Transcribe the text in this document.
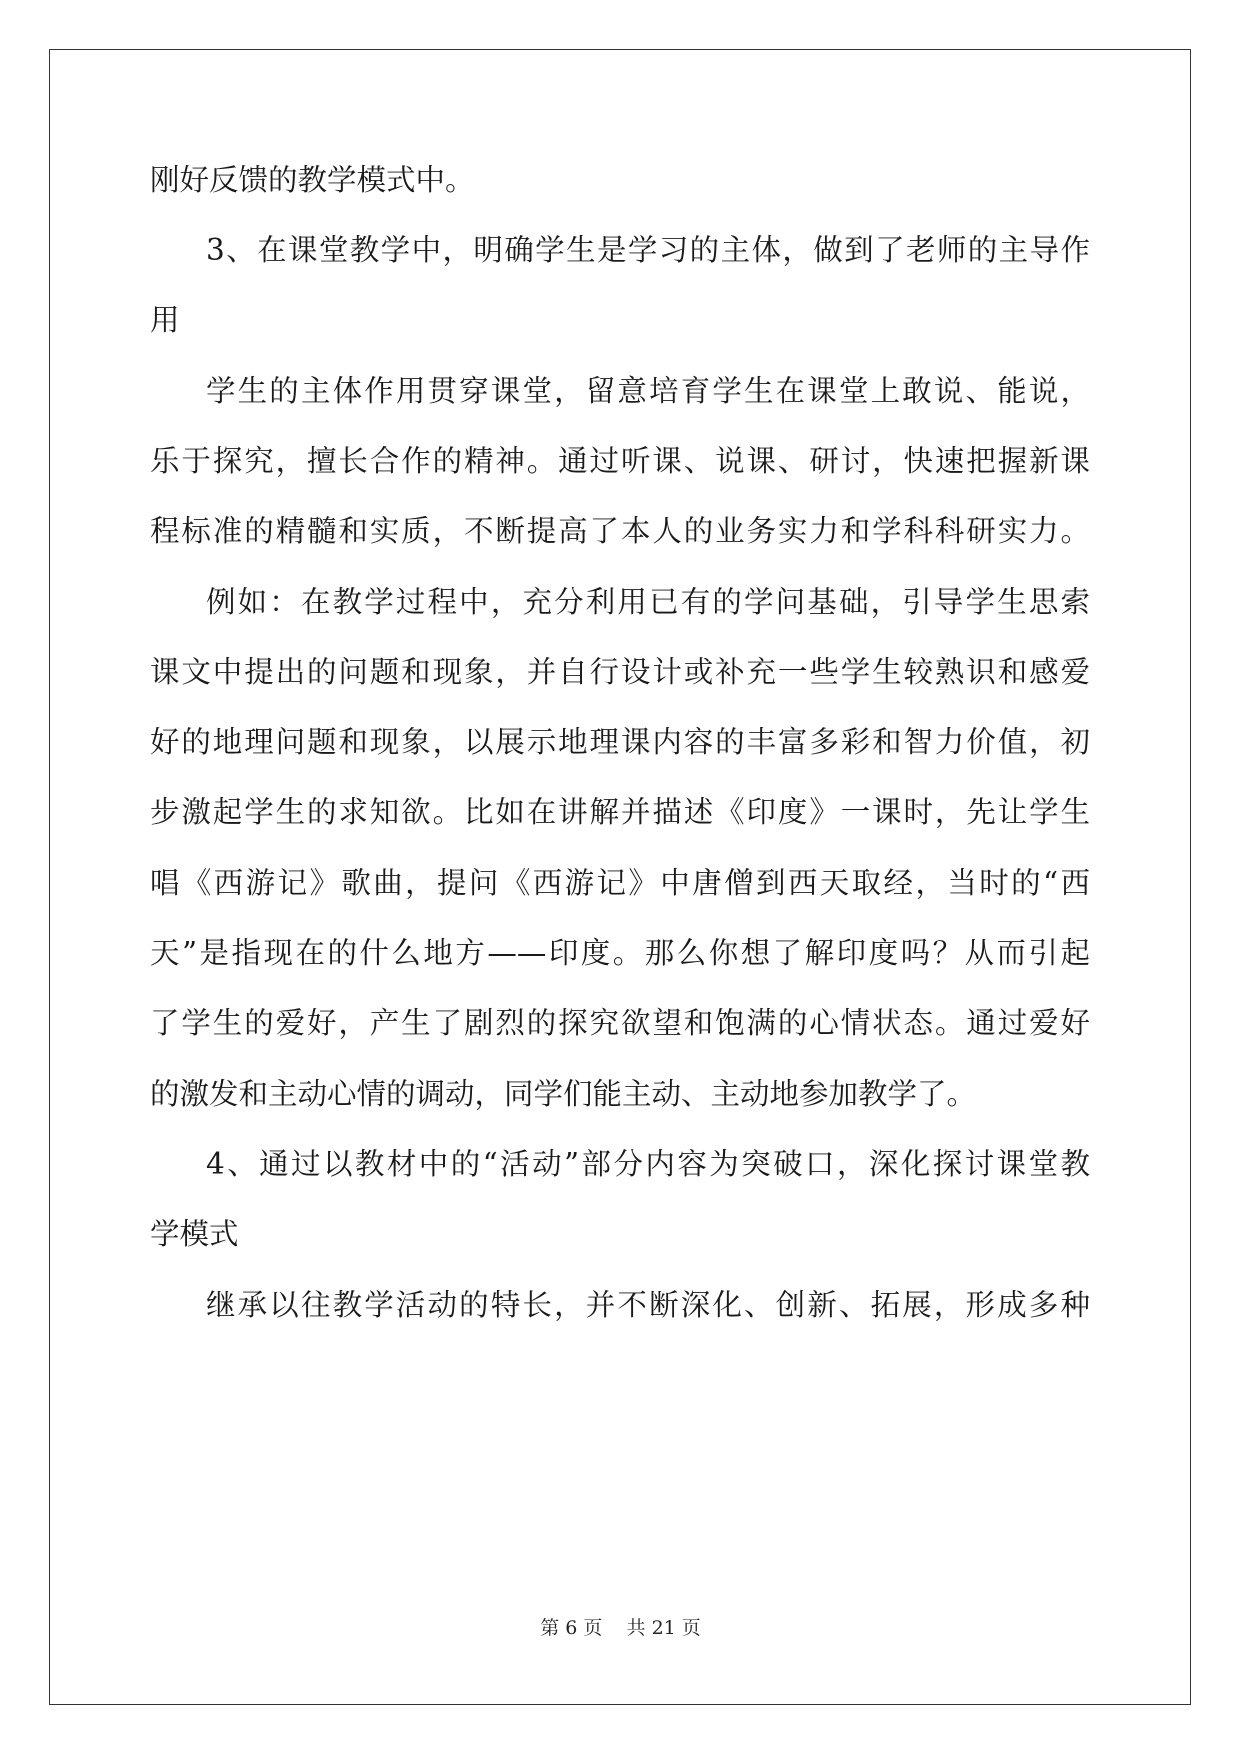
刚好反馈的教学模式中。
3、在课堂教学中，明确学生是学习的主体，做到了老师的主导作
用
学生的主体作用贯穿课堂，留意培育学生在课堂上敢说、能说，
乐于探究，擅长合作的精神。通过听课、说课、研讨，快速把握新课
程标准的精髓和实质，不断提高了本人的业务实力和学科科研实力。
例如：在教学过程中，充分利用已有的学问基础，引导学生思索
课文中提出的问题和现象，并自行设计或补充一些学生较熟识和感爱
好的地理问题和现象，以展示地理课内容的丰富多彩和智力价值，初
步激起学生的求知欲。比如在讲解并描述《印度》一课时，先让学生
唱《西游记》歌曲，提问《西游记》中唐僧到西天取经，当时的“西
天”是指现在的什么地方——印度。那么你想了解印度吗？从而引起
了学生的爱好，产生了剧烈的探究欲望和饱满的心情状态。通过爱好
的激发和主动心情的调动，同学们能主动、主动地参加教学了。
4、通过以教材中的“活动”部分内容为突破口，深化探讨课堂教
学模式
继承以往教学活动的特长，并不断深化、创新、拓展，形成多种
第 6 页 共 21 页
